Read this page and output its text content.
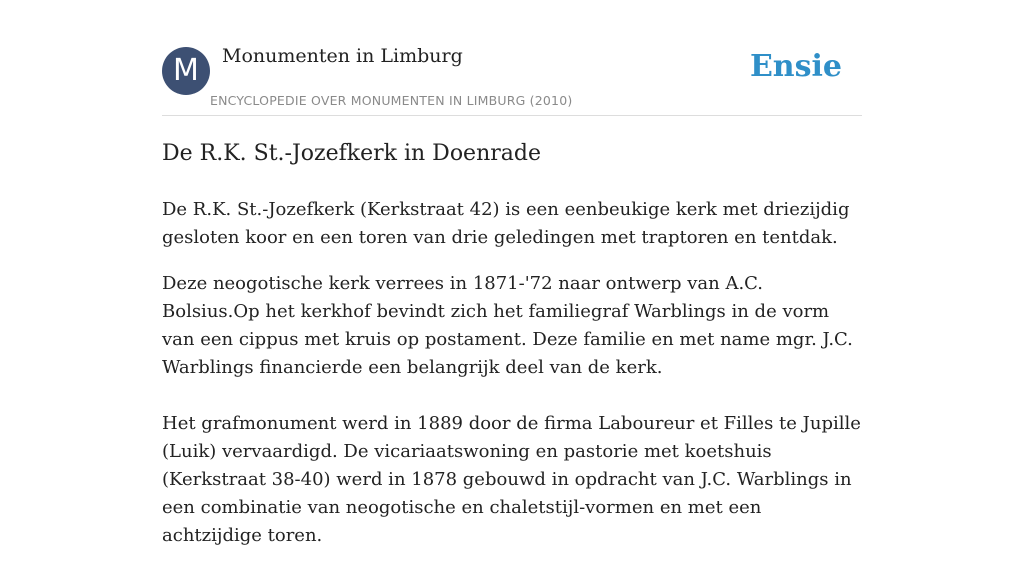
M	Monumenten in Limburg
ENCYCLOPEDIE OVER MONUMENTEN IN LIMBURG (2010)
Ensie
De R.K. St.-Jozefkerk in Doenrade

De R.K. St.-Jozefkerk (Kerkstraat 42) is een eenbeukige kerk met driezijdig gesloten koor en een toren van drie geledingen met traptoren en tentdak.

Deze neogotische kerk verrees in 1871-'72 naar ontwerp van A.C. Bolsius.Op het kerkhof bevindt zich het familiegraf Warblings in de vorm van een cippus met kruis op postament. Deze familie en met name mgr. J.C. Warblings financierde een belangrijk deel van de kerk.

Het grafmonument werd in 1889 door de firma Laboureur et Filles te Jupille (Luik) vervaardigd. De vicariaatswoning en pastorie met koetshuis (Kerkstraat 38-40) werd in 1878 gebouwd in opdracht van J.C. Warblings in een combinatie van neogotische en chaletstijl-vormen en met een achtzijdige toren.
